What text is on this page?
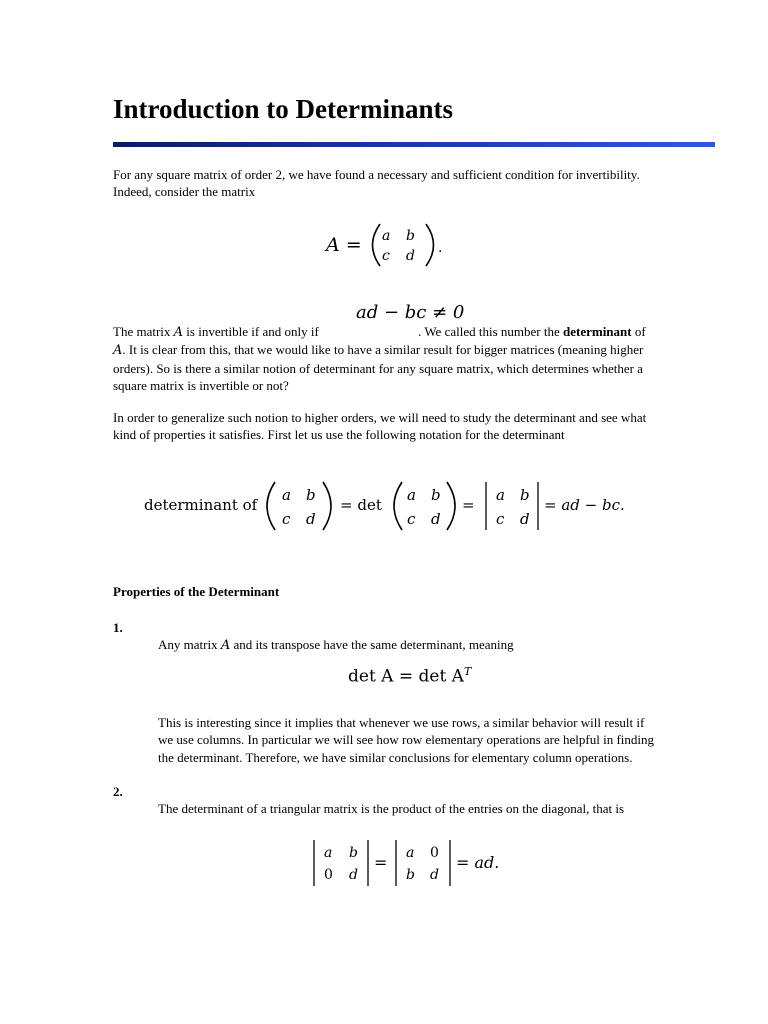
Introduction to Determinants

For any square matrix of order 2, we have found a necessary and sufficient condition for invertibility. Indeed, consider the matrix

A = a b
c d .
ad − bc ≠ 0

The matrix A is invertible if and only if	. We called this number the determinant of A. It is clear from this, that we would like to have a similar result for bigger matrices (meaning higher orders). So is there a similar notion of determinant for any square matrix, which determines whether a square matrix is invertible or not?

In order to generalize such notion to higher orders, we will need to study the determinant and see what kind of properties it satisfies. First let us use the following notation for the determinant

determinant of
a b
c d
= det
a b
c d
=
a b
c d
= ad − bc.

Properties of the Determinant

1.

Any matrix A and its transpose have the same determinant, meaning

$\det A = \det A^T$

This is interesting since it implies that whenever we use rows, a similar behavior will result if we use columns. In particular we will see how row elementary operations are helpful in finding the determinant. Therefore, we have similar conclusions for elementary column operations.

2.

The determinant of a triangular matrix is the product of the entries on the diagonal, that is

a b
0 d
= a 0
b d
= ad.
